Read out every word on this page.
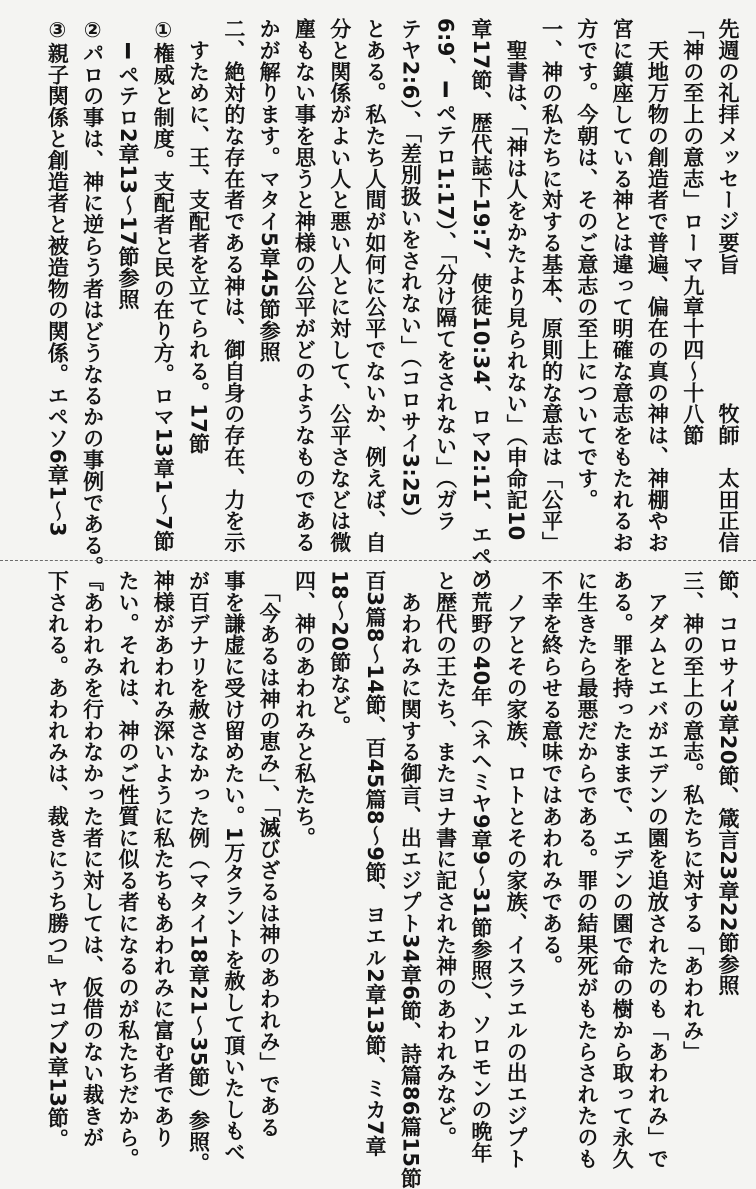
先週の礼拝メッセージ要旨　　　　　　牧師　太田正信
「神の至上の意志」ローマ九章十四〜十八節
　天地万物の創造者で普遍、偏在の真の神は、神棚やお
宮に鎮座している神とは違って明確な意志をもたれるお
方です。今朝は、そのご意志の至上についてです。
一、神の私たちに対する基本、原則的な意志は「公平」
　聖書は、「神は人をかたより見られない」（申命記10
章17節、歴代誌下19:7、使徒10:34、ロマ2:11、エペソ
6:9、Ⅰペテロ1:17）、「分け隔てをされない」（ガラ
テヤ2:6）、「差別扱いをされない」（コロサイ3:25）
とある。私たち人間が如何に公平でないか、例えば、自
分と関係がよい人と悪い人とに対して、公平さなどは微
塵もない事を思うと神様の公平がどのようなものである
かが解ります。マタイ5章45節参照
二、絶対的な存在者である神は、御自身の存在、力を示
　すために、王、支配者を立てられる。17節
①権威と制度。支配者と民の在り方。ロマ13章1〜7節
　Ⅰペテロ2章13〜17節参照
②パロの事は、神に逆らう者はどうなるかの事例である。
③親子関係と創造者と被造物の関係。エペソ6章1〜3
節、コロサイ3章20節、箴言23章22節参照
三、神の至上の意志。私たちに対する「あわれみ」
　アダムとエバがエデンの園を追放されたのも「あわれみ」で
ある。罪を持ったままで、エデンの園で命の樹から取って永久
に生きたら最悪だからである。罪の結果死がもたらされたのも
不幸を終らせる意味ではあわれみである。
　ノアとその家族、ロトとその家族、イスラエルの出エジプト
の荒野の40年（ネヘミヤ9章9〜31節参照）、ソロモンの晩年
と歴代の王たち、またヨナ書に記された神のあわれみなど。
　あわれみに関する御言、出エジプト34章6節、詩篇86篇15節
百3篇8〜14節、百45篇8〜9節、ヨエル2章13節、ミカ7章
18〜20節など。
四、神のあわれみと私たち。
　「今あるは神の恵み」、「滅びざるは神のあわれみ」である
事を謙虚に受け留めたい。1万タラントを赦して頂いたしもべ
が百デナリを赦さなかった例（マタイ18章21〜35節）参照。
神様があわれみ深いように私たちもあわれみに富む者であり
たい。それは、神のご性質に似る者になるのが私たちだから。
『あわれみを行わなかった者に対しては、仮借のない裁きが
下される。あわれみは、裁きにうち勝つ』ヤコブ2章13節。
